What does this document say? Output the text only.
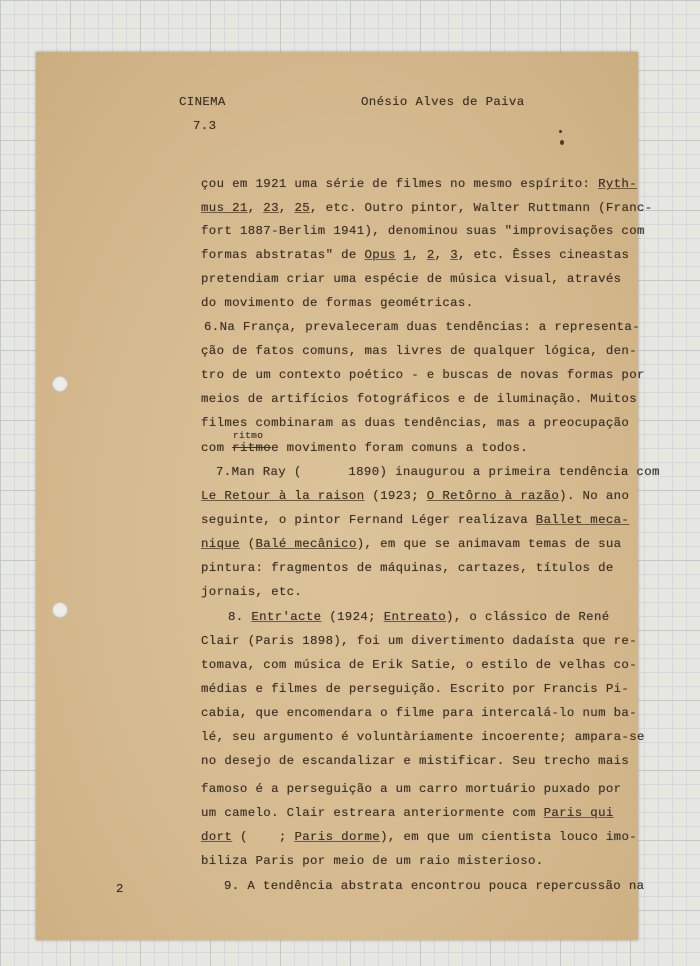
CINEMA	Onésio Alves de Paiva
7.3
çou em 1921 uma série de filmes no mesmo espírito: Ryth-
mus 21, 23, 25, etc. Outro pintor, Walter Ruttmann (Franc-
fort 1887-Berlim 1941), denominou suas "improvisações com
formas abstratas" de Opus 1, 2, 3, etc. Êsses cineastas
pretendiam criar uma espécie de música visual, através
do movimento de formas geométricas.
6.Na França, prevaleceram duas tendências: a representa-
ção de fatos comuns, mas livres de qualquer lógica, den-
tro de um contexto poético - e buscas de novas formas por
meios de artifícios fotográficos e de iluminação. Muitos
filmes combinaram as duas tendências, mas a preocupação
ritmo
com ritmoe movimento foram comuns a todos.
7.Man Ray (      1890) inaugurou a primeira tendência com
Le Retour à la raison (1923; O Retôrno à razão). No ano
seguinte, o pintor Fernand Léger realizava Ballet meca-
nique (Balé mecânico), em que se animavam temas de sua
pintura: fragmentos de máquinas, cartazes, títulos de
jornais, etc.
8. Entr'acte (1924; Entreato), o clássico de René
Clair (Paris 1898), foi um divertimento dadaísta que re-
tomava, com música de Erik Satie, o estilo de velhas co-
médias e filmes de perseguição. Escrito por Francis Pi-
cabia, que encomendara o filme para intercalá-lo num ba-
lé, seu argumento é voluntàriamente incoerente; ampara-se
no desejo de escandalizar e mistificar. Seu trecho mais
famoso é a perseguição a um carro mortuário puxado por
um camelo. Clair estreara anteriormente com Paris qui
dort (    ; Paris dorme), em que um cientista louco imo-
biliza Paris por meio de um raio misterioso.
9. A tendência abstrata encontrou pouca repercussão na
2
